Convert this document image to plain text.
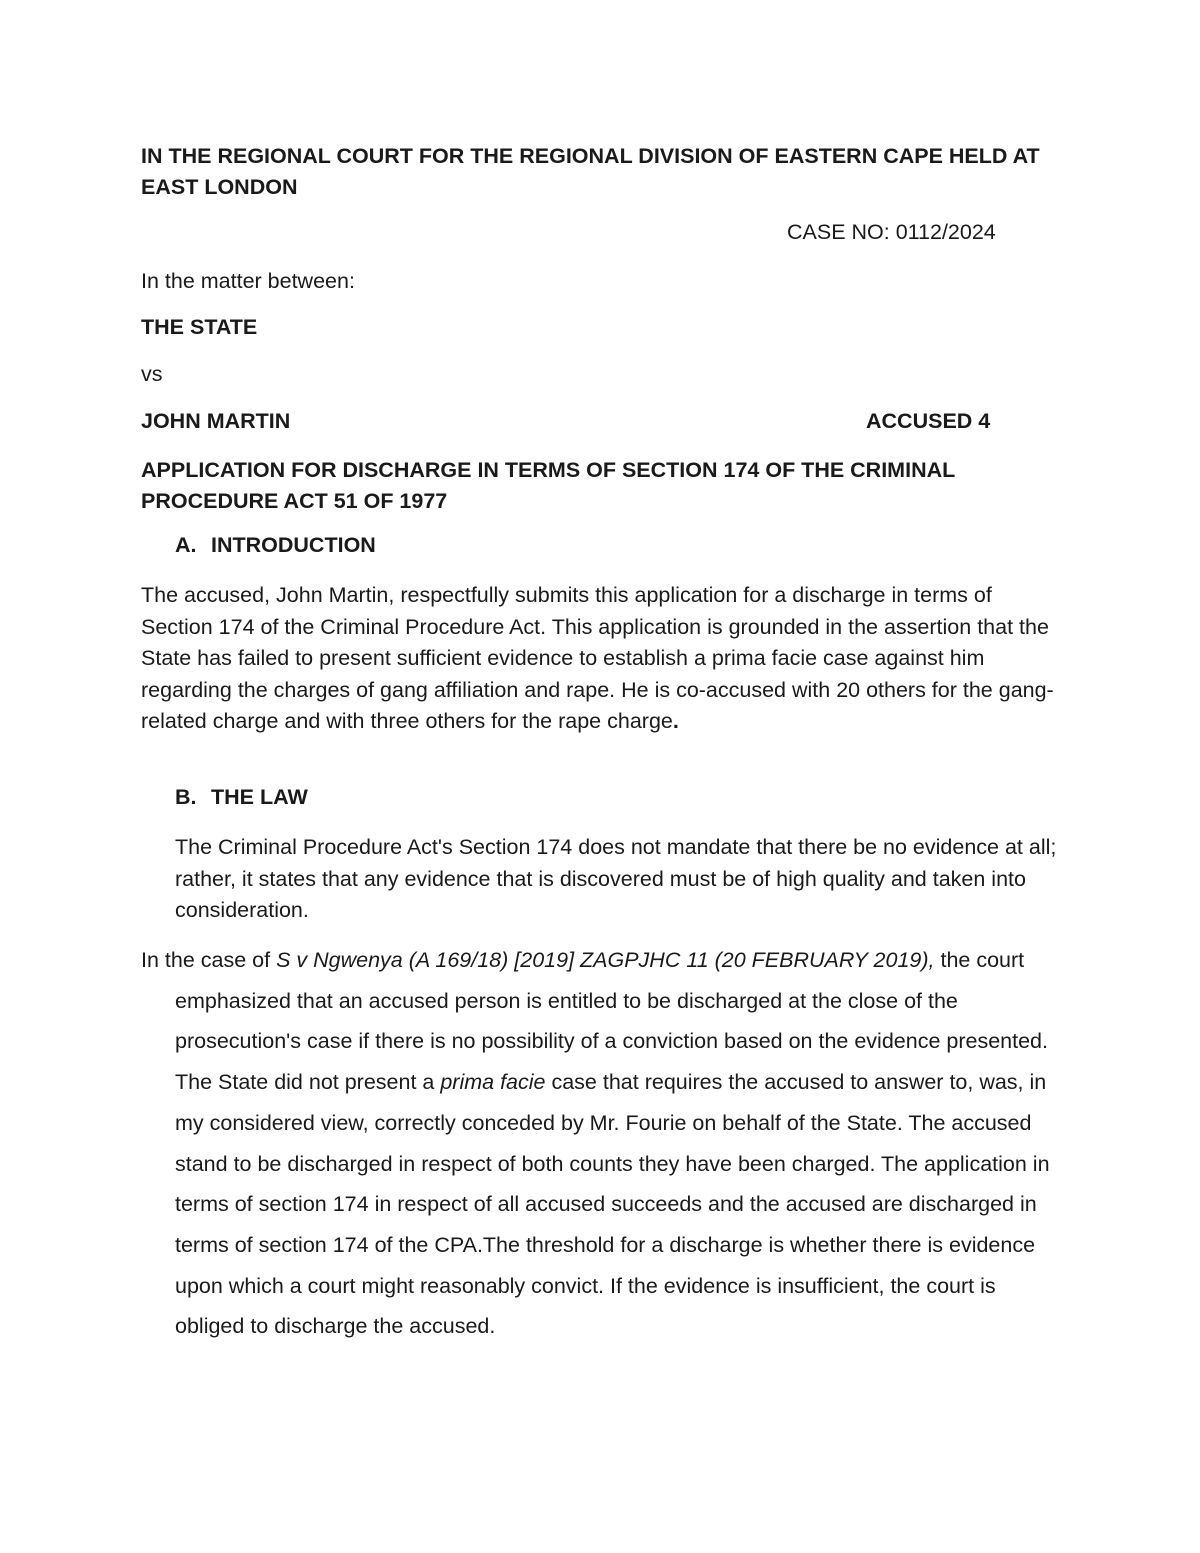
IN THE REGIONAL COURT FOR THE REGIONAL DIVISION OF EASTERN CAPE HELD AT EAST LONDON

CASE NO: 0112/2024

In the matter between:

THE STATE

vs

JOHN MARTIN	ACCUSED 4

APPLICATION FOR DISCHARGE IN TERMS OF SECTION 174 OF THE CRIMINAL PROCEDURE ACT 51 OF 1977

A. INTRODUCTION

The accused, John Martin, respectfully submits this application for a discharge in terms of Section 174 of the Criminal Procedure Act. This application is grounded in the assertion that the State has failed to present sufficient evidence to establish a prima facie case against him regarding the charges of gang affiliation and rape. He is co-accused with 20 others for the gang-related charge and with three others for the rape charge.

B. THE LAW

The Criminal Procedure Act's Section 174 does not mandate that there be no evidence at all; rather, it states that any evidence that is discovered must be of high quality and taken into consideration.

In the case of S v Ngwenya (A 169/18) [2019] ZAGPJHC 11 (20 FEBRUARY 2019), the court emphasized that an accused person is entitled to be discharged at the close of the prosecution's case if there is no possibility of a conviction based on the evidence presented. The State did not present a prima facie case that requires the accused to answer to, was, in my considered view, correctly conceded by Mr. Fourie on behalf of the State. The accused stand to be discharged in respect of both counts they have been charged. The application in terms of section 174 in respect of all accused succeeds and the accused are discharged in terms of section 174 of the CPA.The threshold for a discharge is whether there is evidence upon which a court might reasonably convict. If the evidence is insufficient, the court is obliged to discharge the accused.
